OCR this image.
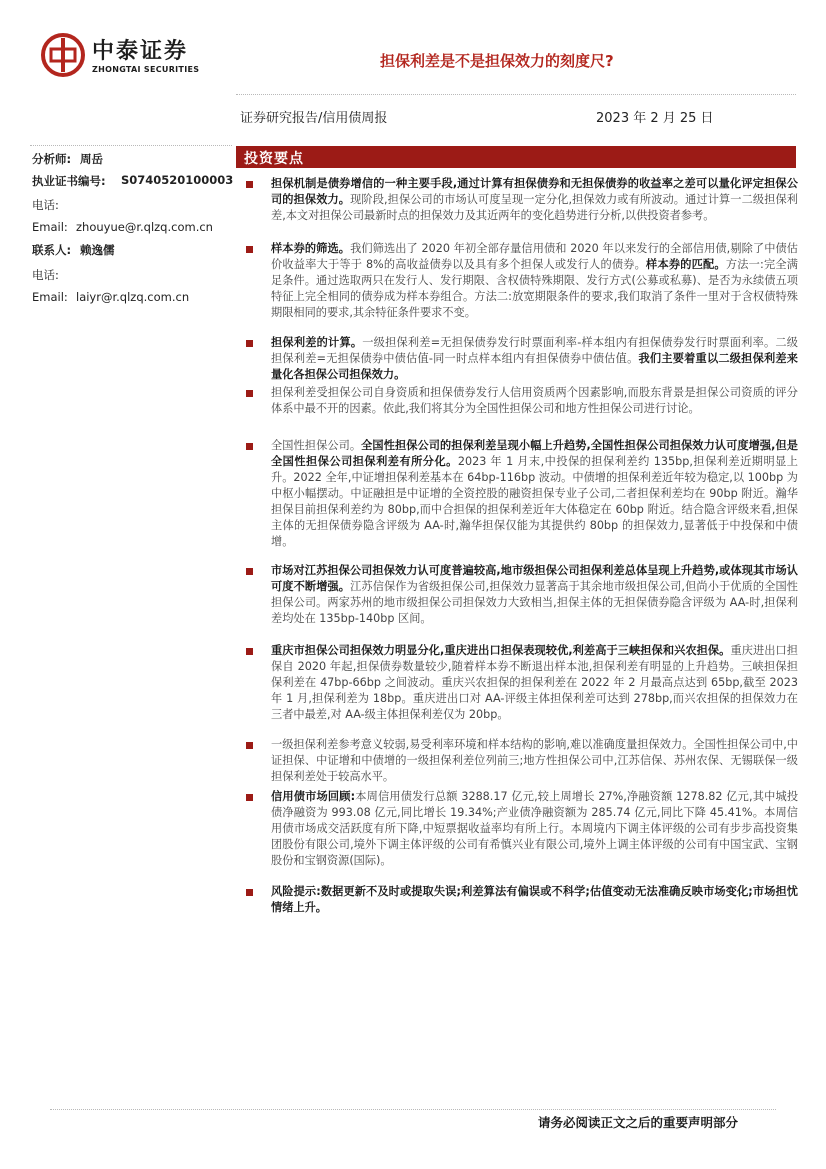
中泰证券
ZHONGTAI SECURITIES	担保利差是不是担保效力的刻度尺?
证券研究报告/信用债周报	2023 年 2 月 25 日
分析师: 周岳
执业证书编号: S0740520100003
电话:
Email: zhouyue@r.qlzq.com.cn
联系人: 赖逸儒
电话:
Email: laiyr@r.qlzq.com.cn
投资要点
担保机制是债券增信的一种主要手段,通过计算有担保债券和无担保债券的收益率之差可以量化评定担保公司的担保效力。现阶段,担保公司的市场认可度呈现一定分化,担保效力或有所波动。通过计算一二级担保利差,本文对担保公司最新时点的担保效力及其近两年的变化趋势进行分析,以供投资者参考。
样本券的筛选。我们筛选出了 2020 年初全部存量信用债和 2020 年以来发行的全部信用债,剔除了中债估价收益率大于等于 8%的高收益债券以及具有多个担保人或发行人的债券。样本券的匹配。方法一:完全满足条件。通过选取两只在发行人、发行期限、含权债特殊期限、发行方式(公募或私募)、是否为永续债五项特征上完全相同的债券成为样本券组合。方法二:放宽期限条件的要求,我们取消了条件一里对于含权债特殊期限相同的要求,其余特征条件要求不变。
担保利差的计算。一级担保利差=无担保债券发行时票面利率-样本组内有担保债券发行时票面利率。二级担保利差=无担保债券中债估值-同一时点样本组内有担保债券中债估值。我们主要着重以二级担保利差来量化各担保公司担保效力。
担保利差受担保公司自身资质和担保债券发行人信用资质两个因素影响,而股东背景是担保公司资质的评分体系中最不开的因素。依此,我们将其分为全国性担保公司和地方性担保公司进行讨论。
全国性担保公司。全国性担保公司的担保利差呈现小幅上升趋势,全国性担保公司担保效力认可度增强,但是全国性担保公司担保利差有所分化。2023 年 1 月末,中投保的担保利差约 135bp,担保利差近期明显上升。2022 全年,中证增担保利差基本在 64bp-116bp 波动。中债增的担保利差近年较为稳定,以 100bp 为中枢小幅摆动。中证融担是中证增的全资控股的融资担保专业子公司,二者担保利差均在 90bp 附近。瀚华担保目前担保利差约为 80bp,而中合担保的担保利差近年大体稳定在 60bp 附近。结合隐含评级来看,担保主体的无担保债券隐含评级为 AA-时,瀚华担保仅能为其提供约 80bp 的担保效力,显著低于中投保和中债增。
市场对江苏担保公司担保效力认可度普遍较高,地市级担保公司担保利差总体呈现上升趋势,或体现其市场认可度不断增强。江苏信保作为省级担保公司,担保效力显著高于其余地市级担保公司,但尚小于优质的全国性担保公司。两家苏州的地市级担保公司担保效力大致相当,担保主体的无担保债券隐含评级为 AA-时,担保利差均处在 135bp-140bp 区间。
重庆市担保公司担保效力明显分化,重庆进出口担保表现较优,利差高于三峡担保和兴农担保。重庆进出口担保自 2020 年起,担保债券数量较少,随着样本券不断退出样本池,担保利差有明显的上升趋势。三峡担保担保利差在 47bp-66bp 之间波动。重庆兴农担保的担保利差在 2022 年 2 月最高点达到 65bp,截至 2023 年 1 月,担保利差为 18bp。重庆进出口对 AA-评级主体担保利差可达到 278bp,而兴农担保的担保效力在三者中最差,对 AA-级主体担保利差仅为 20bp。
一级担保利差参考意义较弱,易受利率环境和样本结构的影响,难以准确度量担保效力。全国性担保公司中,中证担保、中证增和中债增的一级担保利差位列前三;地方性担保公司中,江苏信保、苏州农保、无锡联保一级担保利差处于较高水平。
信用债市场回顾:本周信用债发行总额 3288.17 亿元,较上周增长 27%,净融资额 1278.82 亿元,其中城投债净融资为 993.08 亿元,同比增长 19.34%;产业债净融资额为 285.74 亿元,同比下降 45.41%。本周信用债市场成交活跃度有所下降,中短票据收益率均有所上行。本周境内下调主体评级的公司有步步高投资集团股份有限公司,境外下调主体评级的公司有希慎兴业有限公司,境外上调主体评级的公司有中国宝武、宝钢股份和宝钢资源(国际)。
风险提示:数据更新不及时或提取失误;利差算法有偏误或不科学;估值变动无法准确反映市场变化;市场担忧情绪上升。
请务必阅读正文之后的重要声明部分
